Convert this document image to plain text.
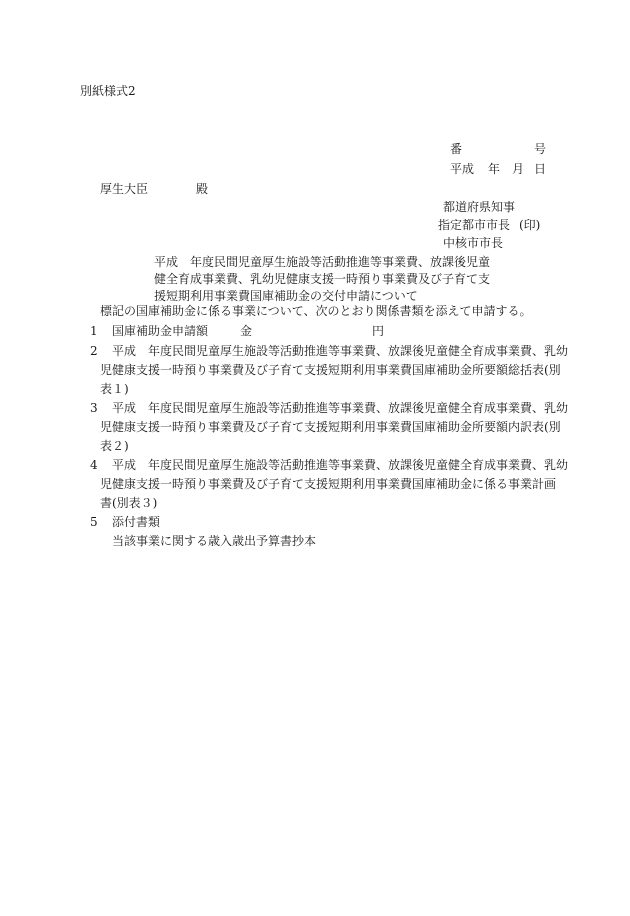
別紙様式2
番	号
平成 年 月 日
厚生大臣	殿
都道府県知事
指定都市市長 (印)
中核市市長
平成　年度民間児童厚生施設等活動推進等事業費、放課後児童
健全育成事業費、乳幼児健康支援一時預り事業費及び子育て支
援短期利用事業費国庫補助金の交付申請について
標記の国庫補助金に係る事業について、次のとおり関係書類を添えて申請する。
1 国庫補助金申請額	金	円
2 平成　年度民間児童厚生施設等活動推進等事業費、放課後児童健全育成事業費、乳幼
児健康支援一時預り事業費及び子育て支援短期利用事業費国庫補助金所要額総括表(別
表１)
3 平成　年度民間児童厚生施設等活動推進等事業費、放課後児童健全育成事業費、乳幼
児健康支援一時預り事業費及び子育て支援短期利用事業費国庫補助金所要額内訳表(別
表２)
4 平成　年度民間児童厚生施設等活動推進等事業費、放課後児童健全育成事業費、乳幼
児健康支援一時預り事業費及び子育て支援短期利用事業費国庫補助金に係る事業計画
書(別表３)
5 添付書類
当該事業に関する歳入歳出予算書抄本
